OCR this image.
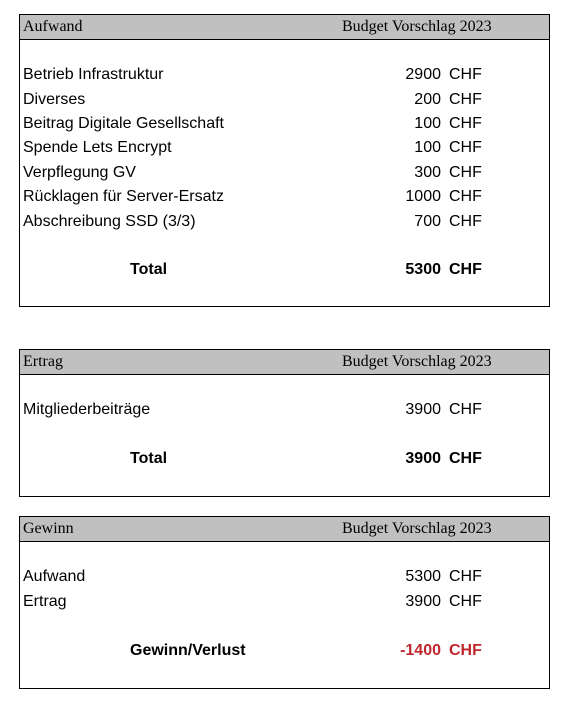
Aufwand	Budget Vorschlag 2023
Betrieb Infrastruktur	2900 CHF
Diverses	200 CHF
Beitrag Digitale Gesellschaft	100 CHF
Spende Lets Encrypt	100 CHF
Verpflegung GV	300 CHF
Rücklagen für Server-Ersatz	1000 CHF
Abschreibung SSD (3/3)	700 CHF
Total	5300 CHF
Ertrag	Budget Vorschlag 2023
Mitgliederbeiträge	3900 CHF
Total	3900 CHF
Gewinn	Budget Vorschlag 2023
Aufwand	5300 CHF
Ertrag	3900 CHF
Gewinn/Verlust	-1400 CHF
